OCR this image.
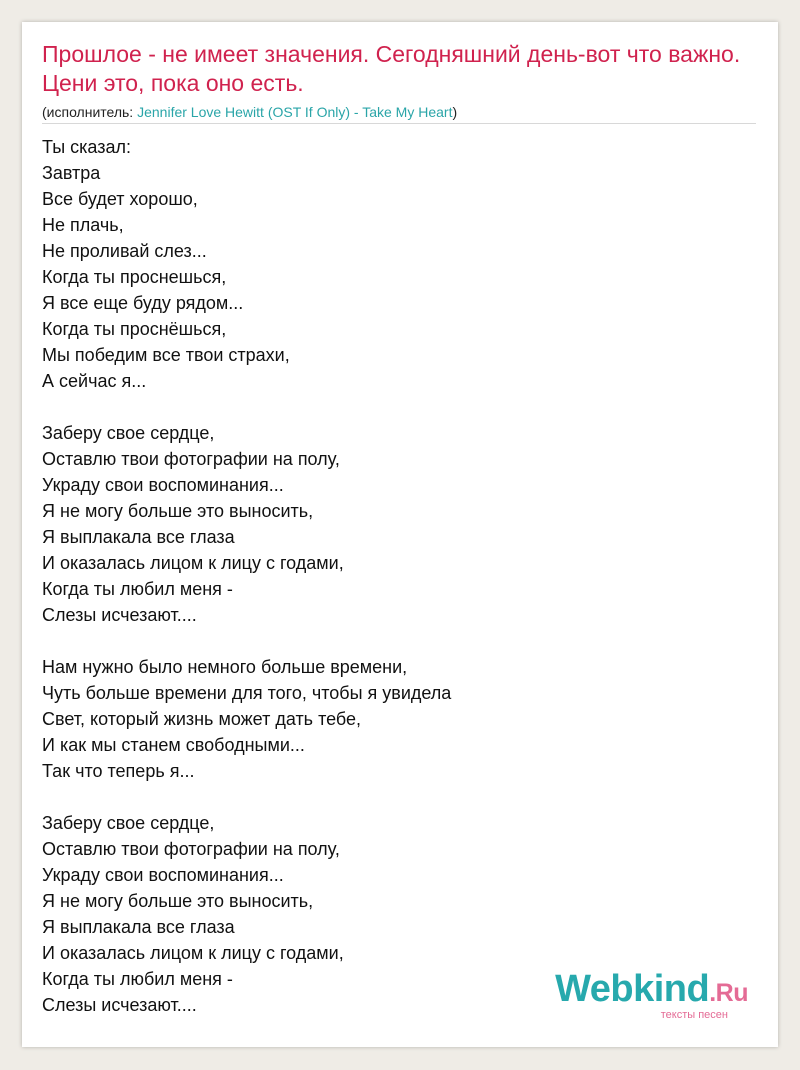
Прошлое - не имеет значения. Сегодняшний день-вот что важно. Цени это, пока оно есть.
(исполнитель: Jennifer Love Hewitt (OST If Only) - Take My Heart)
Ты сказал:
Завтра
Все будет хорошо,
Не плачь,
Не проливай слез...
Когда ты проснешься,
Я все еще буду рядом...
Когда ты проснёшься,
Мы победим все твои страхи,
А сейчас я...
Заберу свое сердце,
Оставлю твои фотографии на полу,
Украду свои воспоминания...
Я не могу больше это выносить,
Я выплакала все глаза
И оказалась лицом к лицу с годами,
Когда ты любил меня -
Слезы исчезают....
Нам нужно было немного больше времени,
Чуть больше времени для того, чтобы я увидела
Свет, который жизнь может дать тебе,
И как мы станем свободными...
Так что теперь я...
Заберу свое сердце,
Оставлю твои фотографии на полу,
Украду свои воспоминания...
Я не могу больше это выносить,
Я выплакала все глаза
И оказалась лицом к лицу с годами,
Когда ты любил меня -
Слезы исчезают....	Webkind.Ru
тексты песен
